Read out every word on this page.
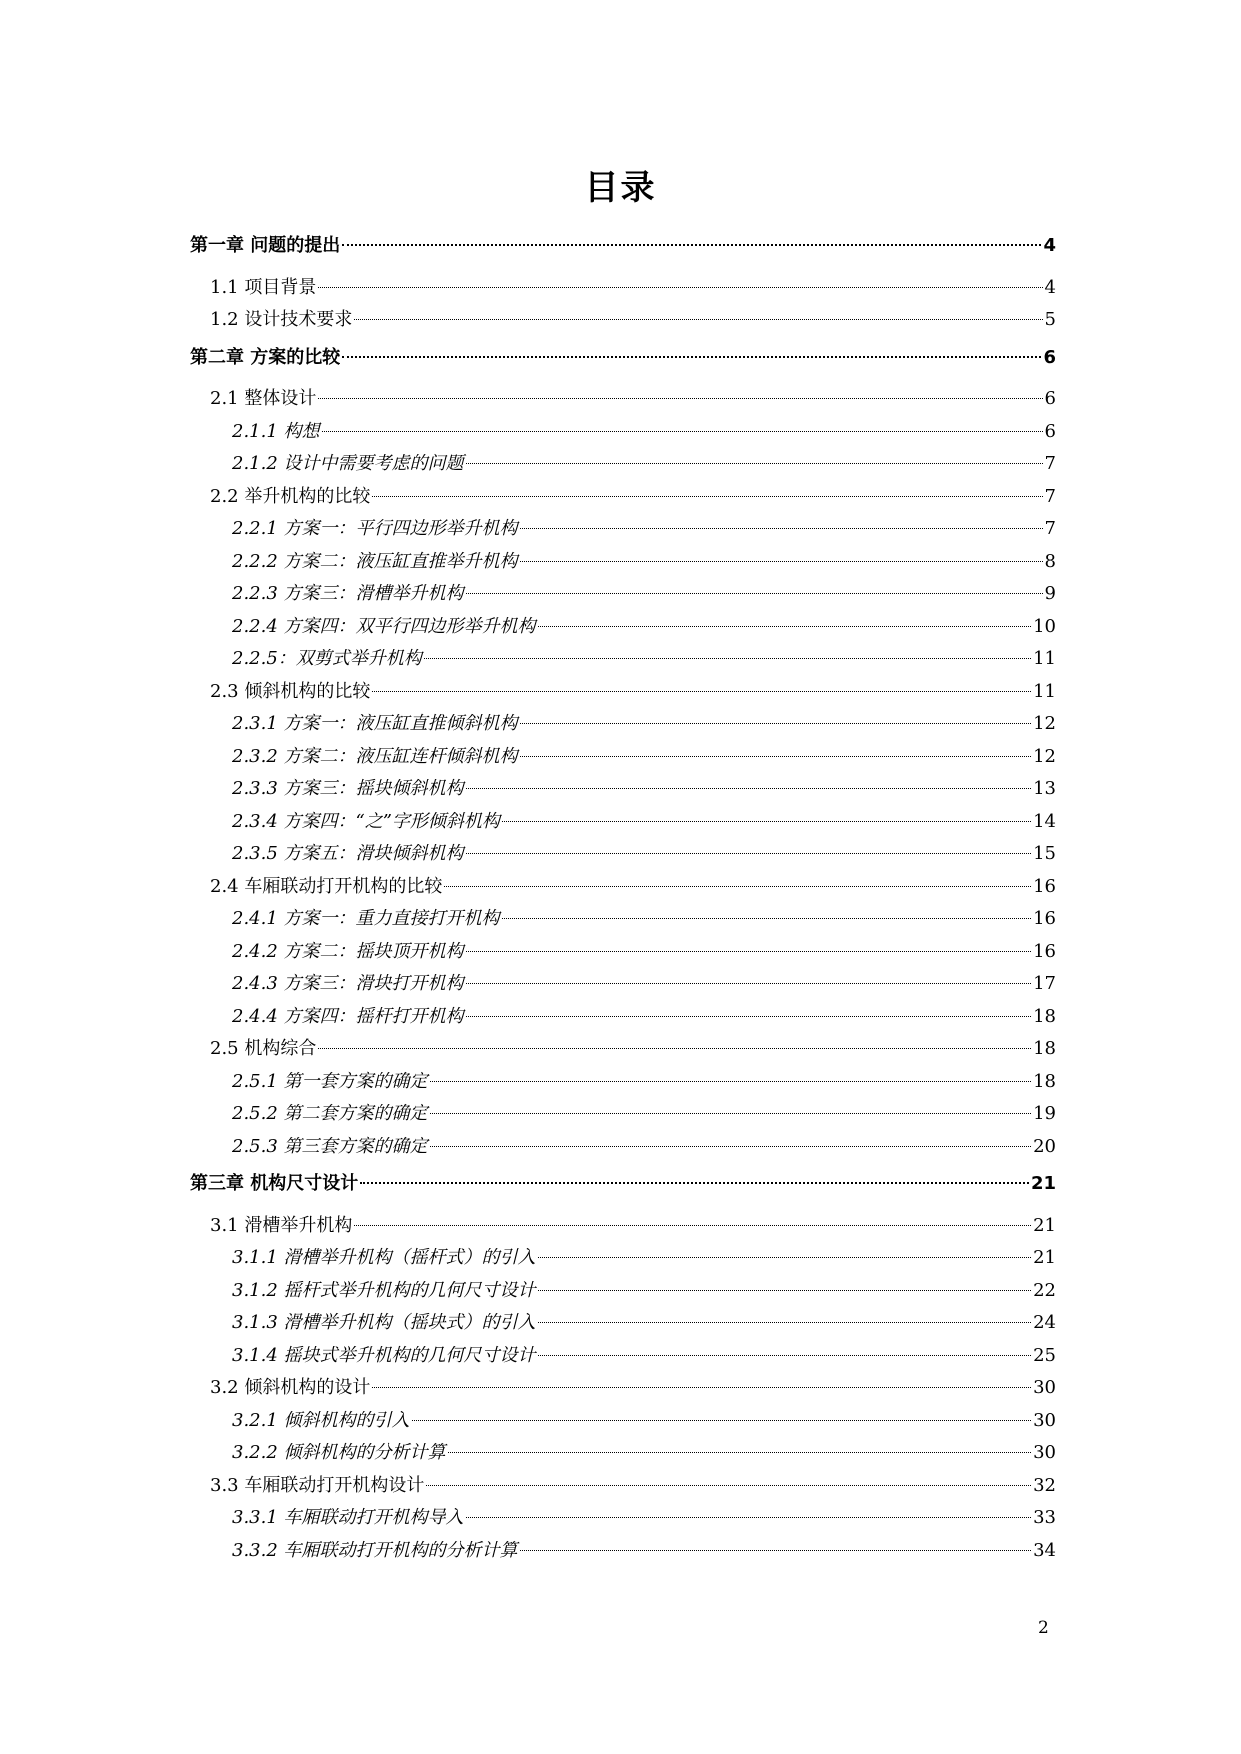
目录
第一章 问题的提出	4
1.1 项目背景	4
1.2 设计技术要求	5
第二章 方案的比较	6
2.1 整体设计	6
2.1.1 构想	6
2.1.2 设计中需要考虑的问题	7
2.2 举升机构的比较	7
2.2.1 方案一：平行四边形举升机构	7
2.2.2 方案二：液压缸直推举升机构	8
2.2.3 方案三：滑槽举升机构	9
2.2.4 方案四：双平行四边形举升机构	10
2.2.5：双剪式举升机构	11
2.3 倾斜机构的比较	11
2.3.1 方案一：液压缸直推倾斜机构	12
2.3.2 方案二：液压缸连杆倾斜机构	12
2.3.3 方案三：摇块倾斜机构	13
2.3.4 方案四：“之”字形倾斜机构	14
2.3.5 方案五：滑块倾斜机构	15
2.4 车厢联动打开机构的比较	16
2.4.1 方案一：重力直接打开机构	16
2.4.2 方案二：摇块顶开机构	16
2.4.3 方案三：滑块打开机构	17
2.4.4 方案四：摇杆打开机构	18
2.5 机构综合	18
2.5.1 第一套方案的确定	18
2.5.2 第二套方案的确定	19
2.5.3 第三套方案的确定	20
第三章 机构尺寸设计	21
3.1 滑槽举升机构	21
3.1.1 滑槽举升机构（摇杆式）的引入	21
3.1.2 摇杆式举升机构的几何尺寸设计	22
3.1.3 滑槽举升机构（摇块式）的引入	24
3.1.4 摇块式举升机构的几何尺寸设计	25
3.2 倾斜机构的设计	30
3.2.1 倾斜机构的引入	30
3.2.2 倾斜机构的分析计算	30
3.3 车厢联动打开机构设计	32
3.3.1 车厢联动打开机构导入	33
3.3.2 车厢联动打开机构的分析计算	34
2
